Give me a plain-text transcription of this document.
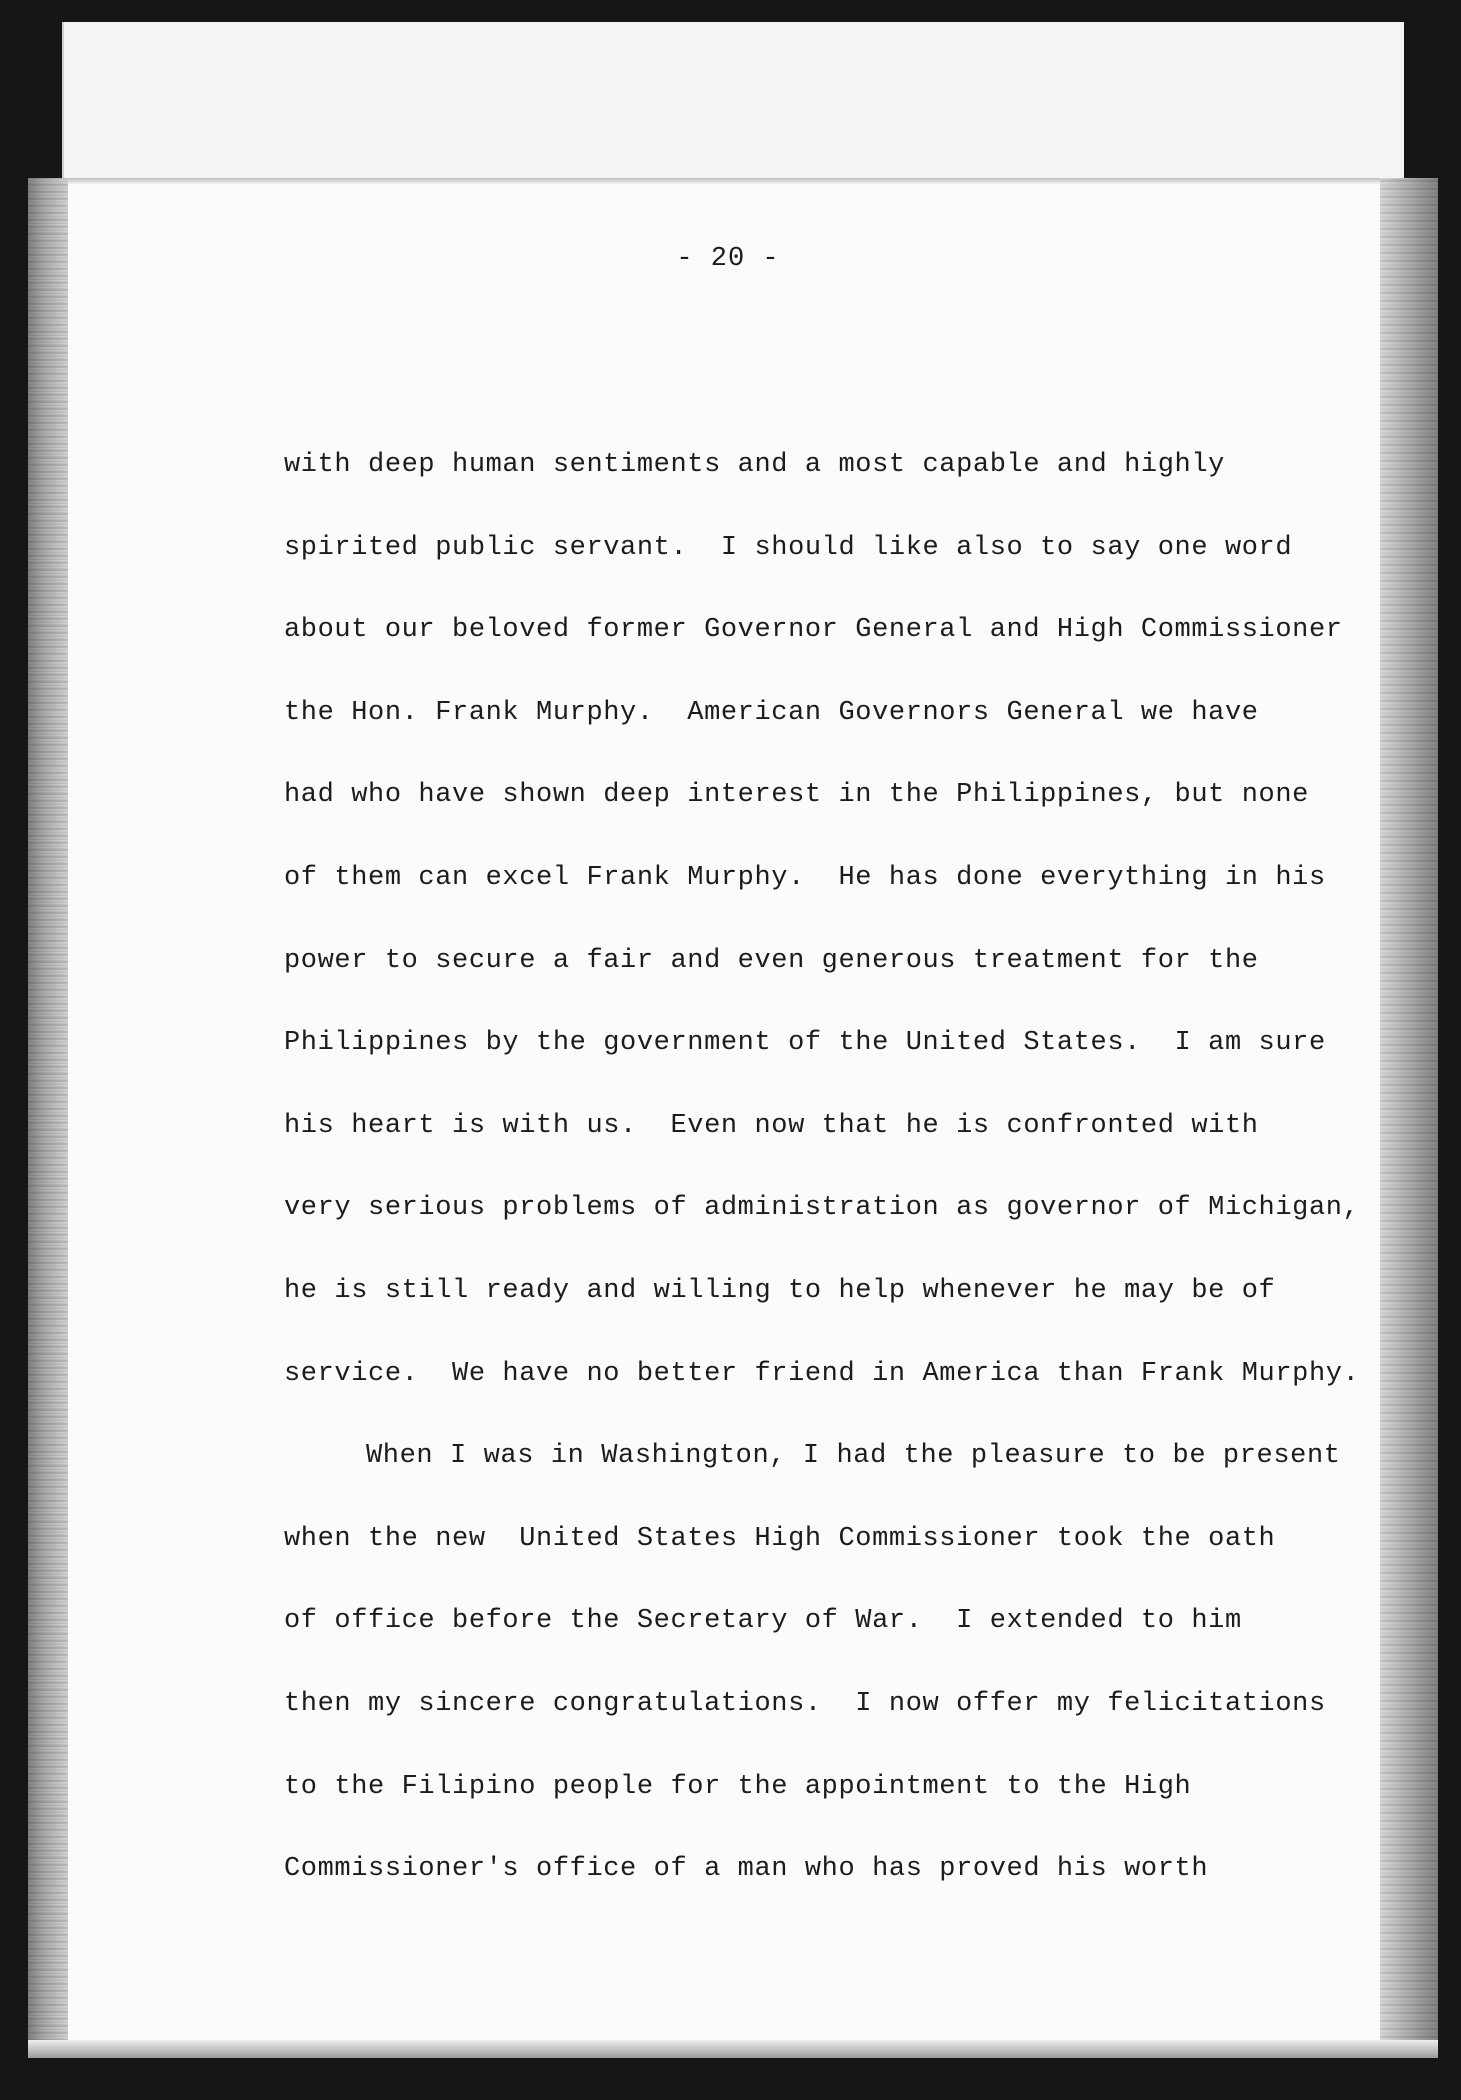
- 20 -
with deep human sentiments and a most capable and highly
spirited public servant.  I should like also to say one word
about our beloved former Governor General and High Commissioner
the Hon. Frank Murphy.  American Governors General we have
had who have shown deep interest in the Philippines, but none
of them can excel Frank Murphy.  He has done everything in his
power to secure a fair and even generous treatment for the
Philippines by the government of the United States.  I am sure
his heart is with us.  Even now that he is confronted with
very serious problems of administration as governor of Michigan,
he is still ready and willing to help whenever he may be of
service.  We have no better friend in America than Frank Murphy.
When I was in Washington, I had the pleasure to be present
when the new  United States High Commissioner took the oath
of office before the Secretary of War.  I extended to him
then my sincere congratulations.  I now offer my felicitations
to the Filipino people for the appointment to the High
Commissioner's office of a man who has proved his worth
